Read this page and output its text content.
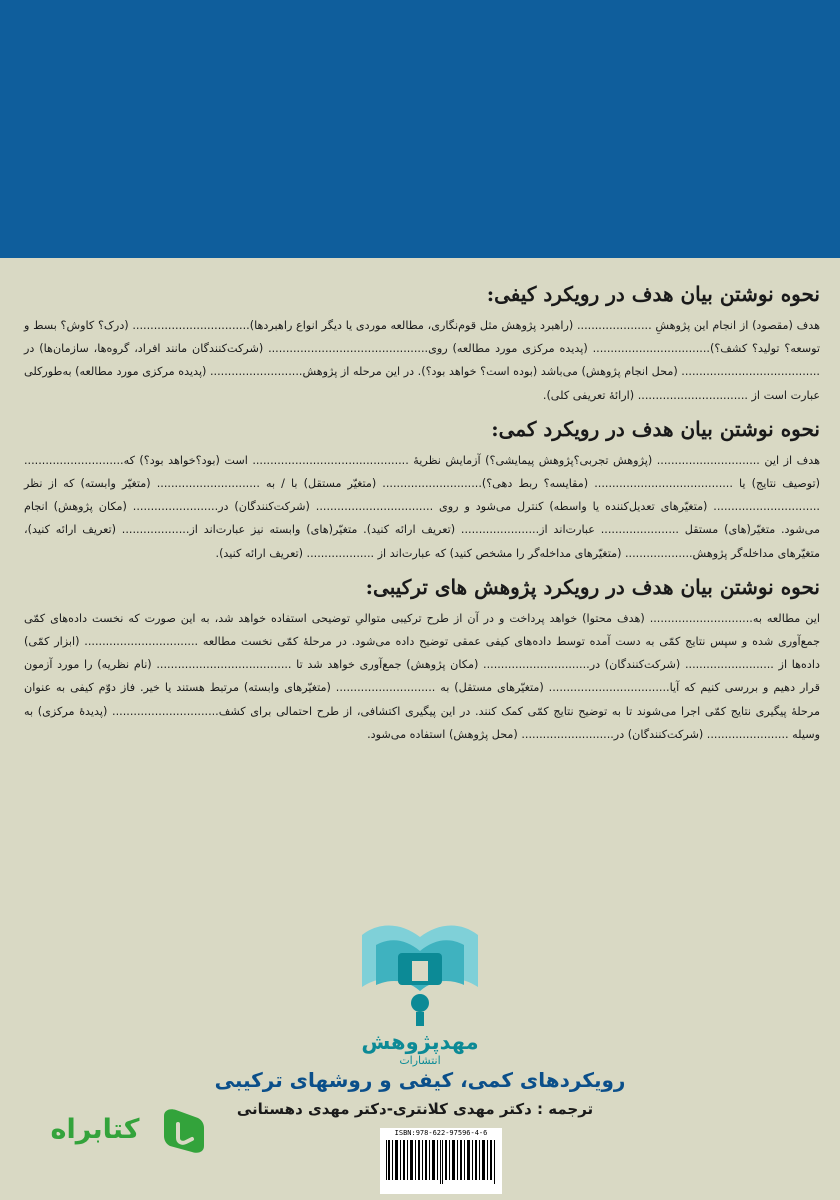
نحوه نوشتن بیان هدف در رویکرد کیفی:

هدف (مقصود) از انجام این پژوهشِ ..................... (راهبرد پژوهش مثل قوم‌نگاری، مطالعه موردی یا دیگر انواع راهبردها)................................. (درک؟ کاوش؟ بسط و توسعه؟ تولید؟ کشف؟)................................. (پدیده مرکزی مورد مطالعه) روی............................................. (شرکت‌کنندگان مانند افراد، گروه‌ها، سازمان‌ها) در ....................................... (محل انجام پژوهش) می‌باشد (بوده است؟ خواهد بود؟). در این مرحله از پژوهش.......................... (پدیده مرکزی مورد مطالعه) به‌طورکلی عبارت است از ............................... (ارائهٔ تعریفی کلی).

نحوه نوشتن بیان هدف در رویکرد کمی:

هدف از این ............................. (پژوهش تجربی؟پژوهش پیمایشی؟) آزمایش نظریهٔ ............................................ است (بود؟خواهد بود؟) که............................ (توصیف نتایج) یا ....................................... (مقایسه؟ ربط دهی؟)............................ (متغیّر مستقل) با / به ............................. (متغیّر وابسته) که از نظر .............................. (متغیّرهای تعدیل‌کننده یا واسطه) کنترل می‌شود و روی ................................. (شرکت‌کنندگان) در........................ (مکان پژوهش) انجام می‌شود. متغیّر(های) مستقل ...................... عبارت‌اند از...................... (تعریف ارائه کنید). متغیّر(های) وابسته نیز عبارت‌اند از................... (تعریف ارائه کنید)، متغیّرهای مداخله‌گر پژوهش................... (متغیّرهای مداخله‌گر را مشخص کنید) که عبارت‌اند از ................... (تعریف ارائه کنید).

نحوه نوشتن بیان هدف در رویکرد پژوهش های ترکیبی:

این مطالعه به............................. (هدف محتوا) خواهد پرداخت و در آن از طرح ترکیبی متوالیِ توضیحی استفاده خواهد شد، به این صورت که نخست داده‌های کمّی جمع‌آوری شده و سپس نتایج کمّی به دست آمده توسط داده‌های کیفی عمقی توضیح داده می‌شود. در مرحلهٔ کمّی نخست مطالعه ................................ (ابزار کمّی) داده‌ها از ......................... (شرکت‌کنندگان) در.............................. (مکان پژوهش) جمع‌آوری خواهد شد تا ...................................... (نام نظریه) را مورد آزمون قرار دهیم و بررسی کنیم که آیا.................................. (متغیّرهای مستقل) به ............................ (متغیّرهای وابسته) مرتبط هستند یا خیر. فاز دوّم کیفی به عنوان مرحلهٔ پیگیری نتایج کمّی اجرا می‌شوند تا به توضیح نتایج کمّی کمک کنند. در این پیگیری اکتشافی، از طرح احتمالی برای کشف.............................. (پدیدهٔ مرکزی) به وسیله ....................... (شرکت‌کنندگان) در.......................... (محل پژوهش) استفاده می‌شود.

مهدپژوهش
انتشارات
رویکردهای کمی، کیفی و روشهای ترکیبی
ترجمه : دکتر مهدی کلانتری-دکتر مهدی دهستانی
ISBN:978-622-97596-4-6
کتابراه
